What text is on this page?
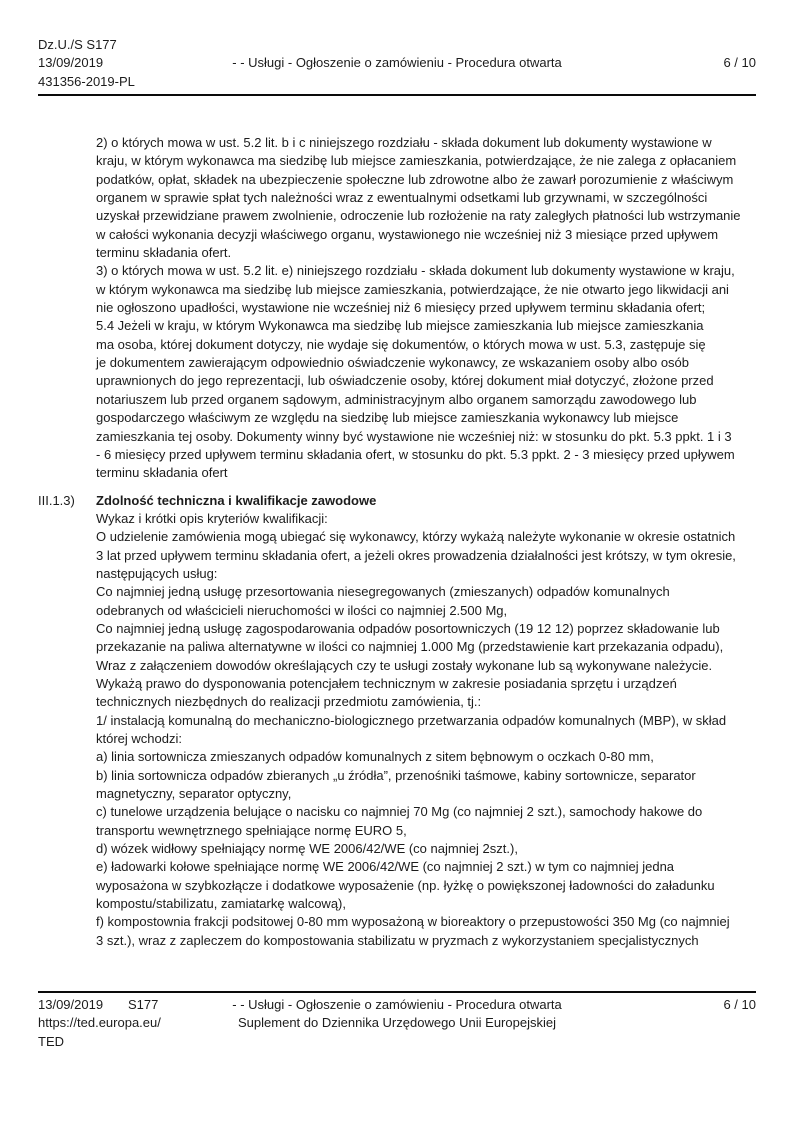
Dz.U./S S177
13/09/2019	- - Usługi - Ogłoszenie o zamówieniu - Procedura otwarta	6 / 10
431356-2019-PL
2) o których mowa w ust. 5.2 lit. b i c niniejszego rozdziału - składa dokument lub dokumenty wystawione w
kraju, w którym wykonawca ma siedzibę lub miejsce zamieszkania, potwierdzające, że nie zalega z opłacaniem
podatków, opłat, składek na ubezpieczenie społeczne lub zdrowotne albo że zawarł porozumienie z właściwym
organem w sprawie spłat tych należności wraz z ewentualnymi odsetkami lub grzywnami, w szczególności
uzyskał przewidziane prawem zwolnienie, odroczenie lub rozłożenie na raty zaległych płatności lub wstrzymanie
w całości wykonania decyzji właściwego organu, wystawionego nie wcześniej niż 3 miesiące przed upływem
terminu składania ofert.
3) o których mowa w ust. 5.2 lit. e) niniejszego rozdziału - składa dokument lub dokumenty wystawione w kraju,
w którym wykonawca ma siedzibę lub miejsce zamieszkania, potwierdzające, że nie otwarto jego likwidacji ani
nie ogłoszono upadłości, wystawione nie wcześniej niż 6 miesięcy przed upływem terminu składania ofert;
5.4 Jeżeli w kraju, w którym Wykonawca ma siedzibę lub miejsce zamieszkania lub miejsce zamieszkania
ma osoba, której dokument dotyczy, nie wydaje się dokumentów, o których mowa w ust. 5.3, zastępuje się
je dokumentem zawierającym odpowiednio oświadczenie wykonawcy, ze wskazaniem osoby albo osób
uprawnionych do jego reprezentacji, lub oświadczenie osoby, której dokument miał dotyczyć, złożone przed
notariuszem lub przed organem sądowym, administracyjnym albo organem samorządu zawodowego lub
gospodarczego właściwym ze względu na siedzibę lub miejsce zamieszkania wykonawcy lub miejsce
zamieszkania tej osoby. Dokumenty winny być wystawione nie wcześniej niż: w stosunku do pkt. 5.3 ppkt. 1 i 3
- 6 miesięcy przed upływem terminu składania ofert, w stosunku do pkt. 5.3 ppkt. 2 - 3 miesięcy przed upływem
terminu składania ofert
III.1.3)	Zdolność techniczna i kwalifikacje zawodowe
Wykaz i krótki opis kryteriów kwalifikacji:
O udzielenie zamówienia mogą ubiegać się wykonawcy, którzy wykażą należyte wykonanie w okresie ostatnich
3 lat przed upływem terminu składania ofert, a jeżeli okres prowadzenia działalności jest krótszy, w tym okresie,
następujących usług:
Co najmniej jedną usługę przesortowania niesegregowanych (zmieszanych) odpadów komunalnych
odebranych od właścicieli nieruchomości w ilości co najmniej 2.500 Mg,
Co najmniej jedną usługę zagospodarowania odpadów posortowniczych (19 12 12) poprzez składowanie lub
przekazanie na paliwa alternatywne w ilości co najmniej 1.000 Mg (przedstawienie kart przekazania odpadu),
Wraz z załączeniem dowodów określających czy te usługi zostały wykonane lub są wykonywane należycie.
Wykażą prawo do dysponowania potencjałem technicznym w zakresie posiadania sprzętu i urządzeń
technicznych niezbędnych do realizacji przedmiotu zamówienia, tj.:
1/ instalacją komunalną do mechaniczno-biologicznego przetwarzania odpadów komunalnych (MBP), w skład
której wchodzi:
a) linia sortownicza zmieszanych odpadów komunalnych z sitem bębnowym o oczkach 0-80 mm,
b) linia sortownicza odpadów zbieranych „u źródła”, przenośniki taśmowe, kabiny sortownicze, separator
magnetyczny, separator optyczny,
c) tunelowe urządzenia belujące o nacisku co najmniej 70 Mg (co najmniej 2 szt.), samochody hakowe do
transportu wewnętrznego spełniające normę EURO 5,
d) wózek widłowy spełniający normę WE 2006/42/WE (co najmniej 2szt.),
e) ładowarki kołowe spełniające normę WE 2006/42/WE (co najmniej 2 szt.) w tym co najmniej jedna
wyposażona w szybkozłącze i dodatkowe wyposażenie (np. łyżkę o powiększonej ładowności do załadunku
kompostu/stabilizatu, zamiatarkę walcową),
f) kompostownia frakcji podsitowej 0-80 mm wyposażoną w bioreaktory o przepustowości 350 Mg (co najmniej
3 szt.), wraz z zapleczem do kompostowania stabilizatu w pryzmach z wykorzystaniem specjalistycznych
13/09/2019 S177	- - Usługi - Ogłoszenie o zamówieniu - Procedura otwarta	6 / 10
https://ted.europa.eu/	Suplement do Dziennika Urzędowego Unii Europejskiej
TED
